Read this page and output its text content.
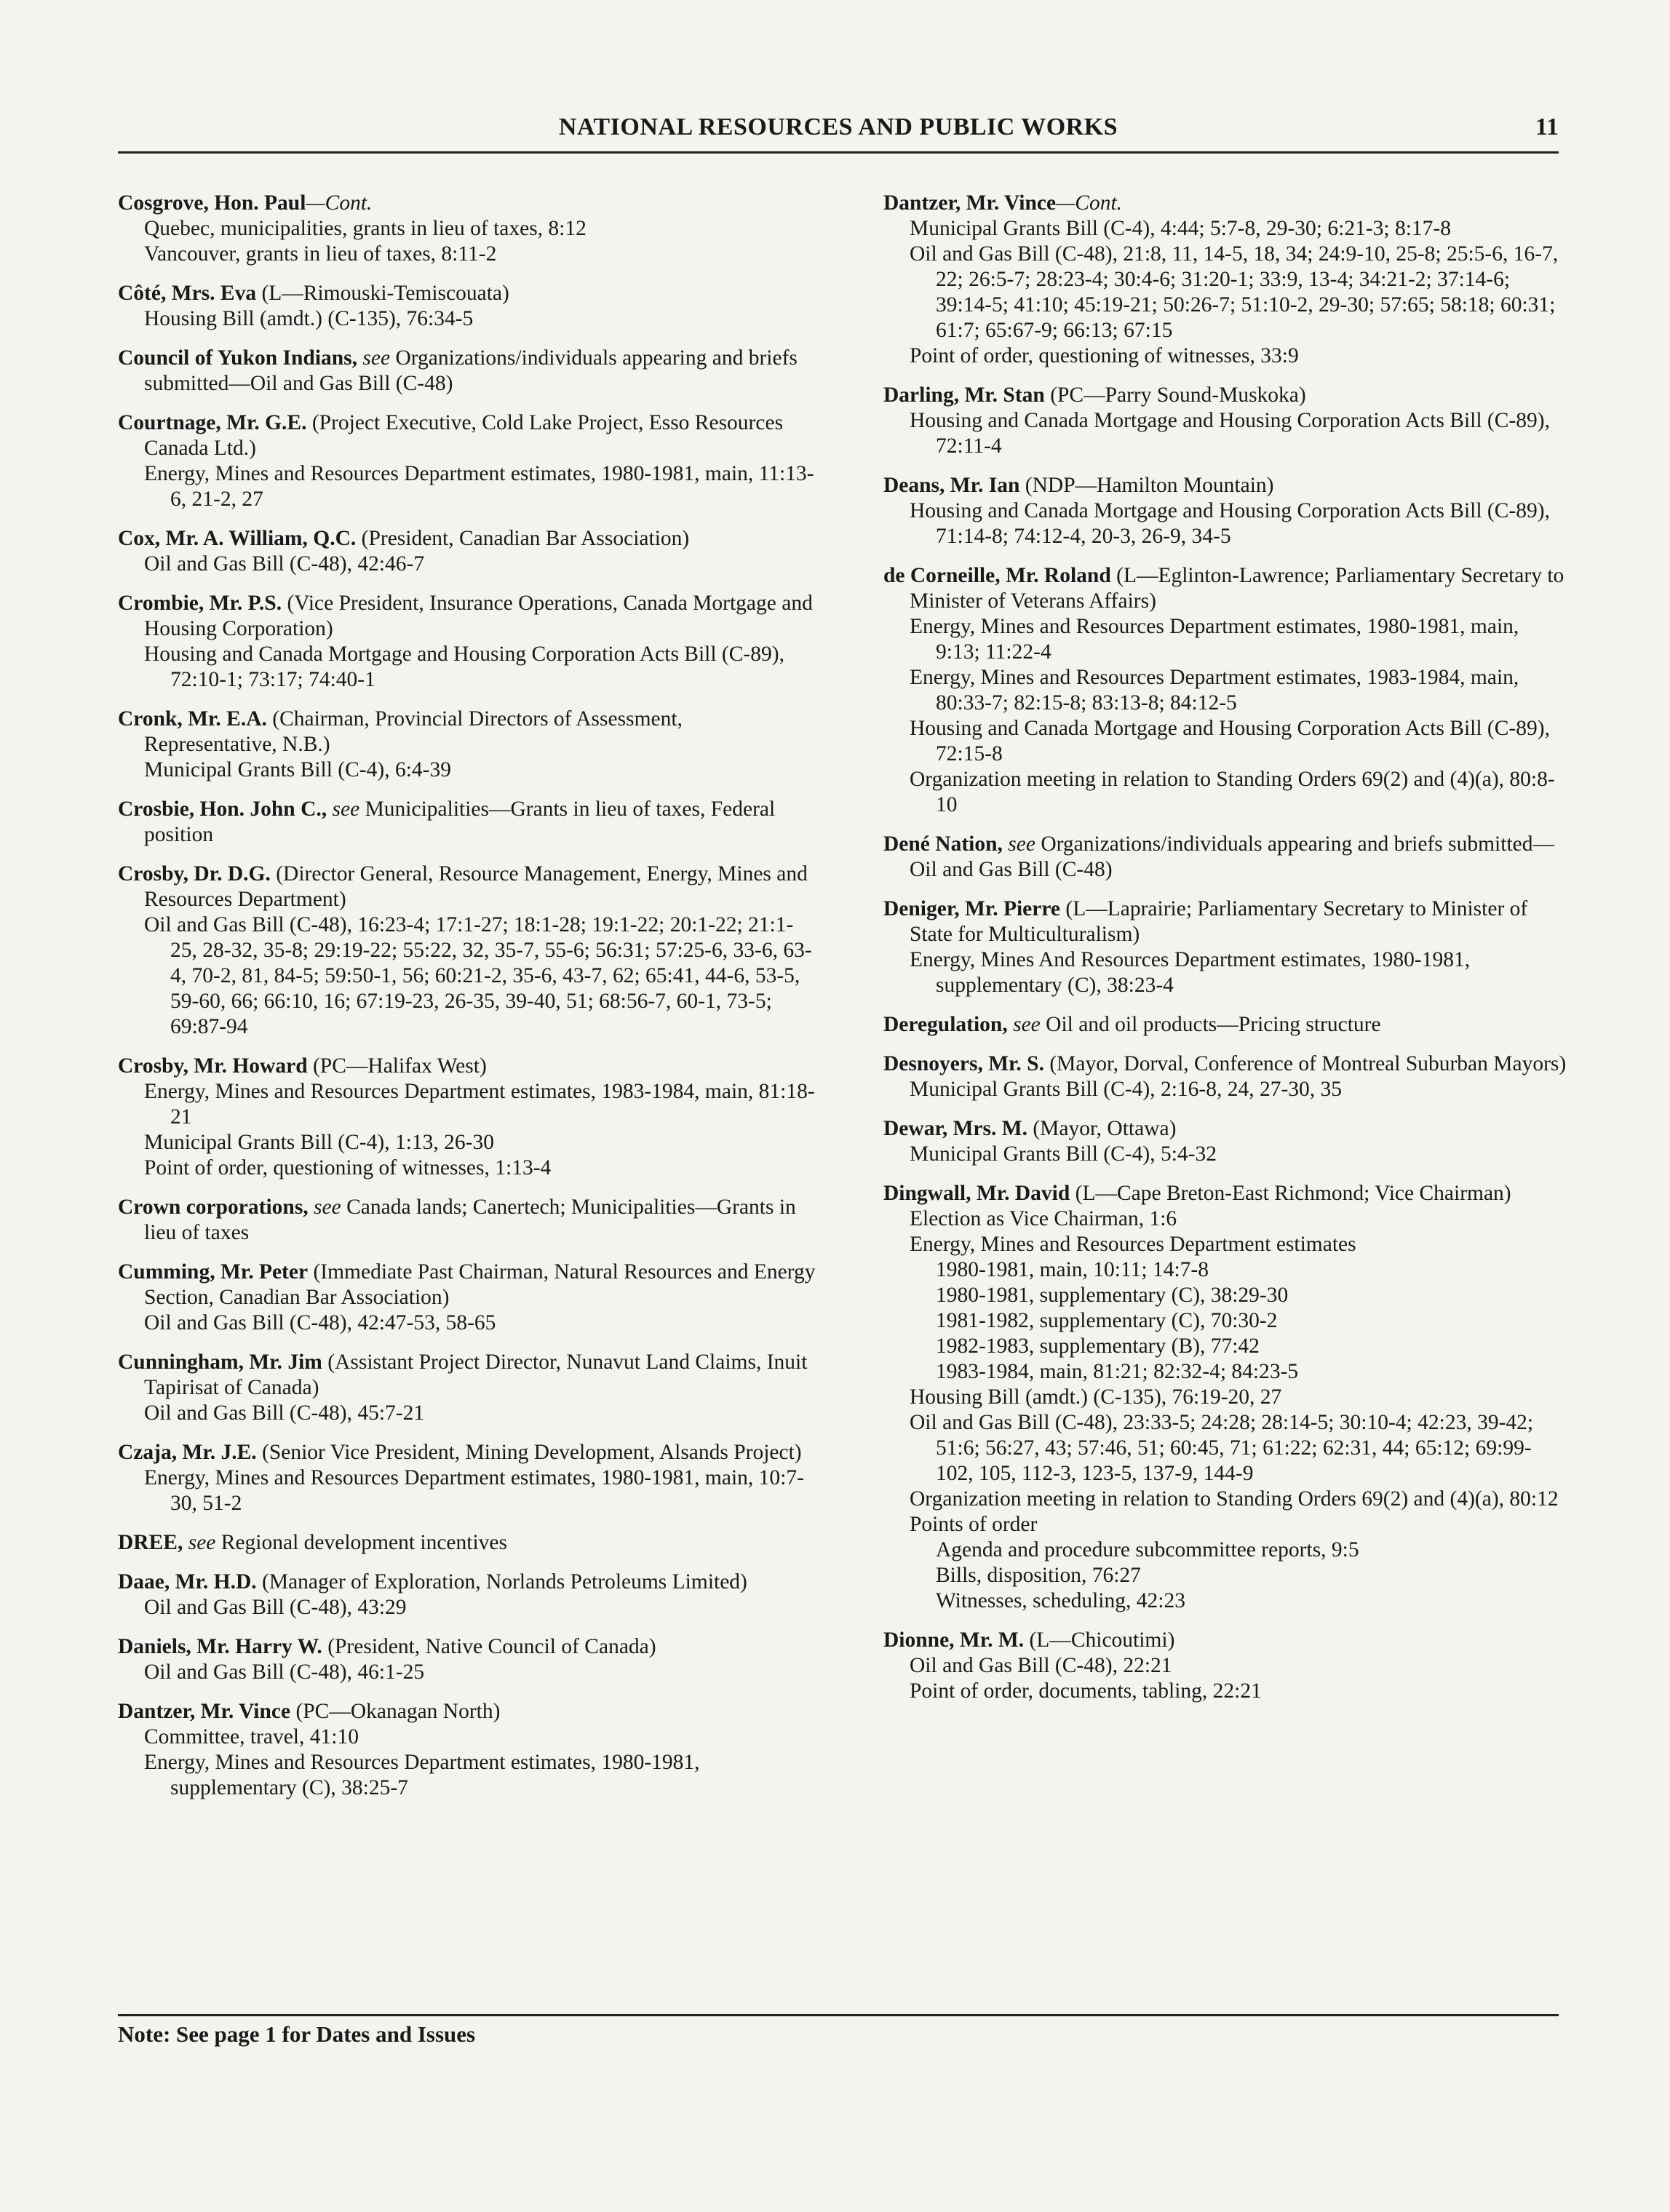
NATIONAL RESOURCES AND PUBLIC WORKS	11
Cosgrove, Hon. Paul—Cont.
Quebec, municipalities, grants in lieu of taxes, 8:12
Vancouver, grants in lieu of taxes, 8:11-2
Côté, Mrs. Eva (L—Rimouski-Temiscouata)
Housing Bill (amdt.) (C-135), 76:34-5
Council of Yukon Indians, see Organizations/individuals appearing and briefs submitted—Oil and Gas Bill (C-48)
Courtnage, Mr. G.E. (Project Executive, Cold Lake Project, Esso Resources Canada Ltd.)
Energy, Mines and Resources Department estimates, 1980-1981, main, 11:13-6, 21-2, 27
Cox, Mr. A. William, Q.C. (President, Canadian Bar Association)
Oil and Gas Bill (C-48), 42:46-7
Crombie, Mr. P.S. (Vice President, Insurance Operations, Canada Mortgage and Housing Corporation)
Housing and Canada Mortgage and Housing Corporation Acts Bill (C-89), 72:10-1; 73:17; 74:40-1
Cronk, Mr. E.A. (Chairman, Provincial Directors of Assessment, Representative, N.B.)
Municipal Grants Bill (C-4), 6:4-39
Crosbie, Hon. John C., see Municipalities—Grants in lieu of taxes, Federal position
Crosby, Dr. D.G. (Director General, Resource Management, Energy, Mines and Resources Department)
Oil and Gas Bill (C-48), 16:23-4; 17:1-27; 18:1-28; 19:1-22; 20:1-22; 21:1-25, 28-32, 35-8; 29:19-22; 55:22, 32, 35-7, 55-6; 56:31; 57:25-6, 33-6, 63-4, 70-2, 81, 84-5; 59:50-1, 56; 60:21-2, 35-6, 43-7, 62; 65:41, 44-6, 53-5, 59-60, 66; 66:10, 16; 67:19-23, 26-35, 39-40, 51; 68:56-7, 60-1, 73-5; 69:87-94
Crosby, Mr. Howard (PC—Halifax West)
Energy, Mines and Resources Department estimates, 1983-1984, main, 81:18-21
Municipal Grants Bill (C-4), 1:13, 26-30
Point of order, questioning of witnesses, 1:13-4
Crown corporations, see Canada lands; Canertech; Municipalities—Grants in lieu of taxes
Cumming, Mr. Peter (Immediate Past Chairman, Natural Resources and Energy Section, Canadian Bar Association)
Oil and Gas Bill (C-48), 42:47-53, 58-65
Cunningham, Mr. Jim (Assistant Project Director, Nunavut Land Claims, Inuit Tapirisat of Canada)
Oil and Gas Bill (C-48), 45:7-21
Czaja, Mr. J.E. (Senior Vice President, Mining Development, Alsands Project)
Energy, Mines and Resources Department estimates, 1980-1981, main, 10:7-30, 51-2
DREE, see Regional development incentives
Daae, Mr. H.D. (Manager of Exploration, Norlands Petroleums Limited)
Oil and Gas Bill (C-48), 43:29
Daniels, Mr. Harry W. (President, Native Council of Canada)
Oil and Gas Bill (C-48), 46:1-25
Dantzer, Mr. Vince (PC—Okanagan North)
Committee, travel, 41:10
Energy, Mines and Resources Department estimates, 1980-1981, supplementary (C), 38:25-7
Dantzer, Mr. Vince—Cont.
Municipal Grants Bill (C-4), 4:44; 5:7-8, 29-30; 6:21-3; 8:17-8
Oil and Gas Bill (C-48), 21:8, 11, 14-5, 18, 34; 24:9-10, 25-8; 25:5-6, 16-7, 22; 26:5-7; 28:23-4; 30:4-6; 31:20-1; 33:9, 13-4; 34:21-2; 37:14-6; 39:14-5; 41:10; 45:19-21; 50:26-7; 51:10-2, 29-30; 57:65; 58:18; 60:31; 61:7; 65:67-9; 66:13; 67:15
Point of order, questioning of witnesses, 33:9
Darling, Mr. Stan (PC—Parry Sound-Muskoka)
Housing and Canada Mortgage and Housing Corporation Acts Bill (C-89), 72:11-4
Deans, Mr. Ian (NDP—Hamilton Mountain)
Housing and Canada Mortgage and Housing Corporation Acts Bill (C-89), 71:14-8; 74:12-4, 20-3, 26-9, 34-5
de Corneille, Mr. Roland (L—Eglinton-Lawrence; Parliamentary Secretary to Minister of Veterans Affairs)
Energy, Mines and Resources Department estimates, 1980-1981, main, 9:13; 11:22-4
Energy, Mines and Resources Department estimates, 1983-1984, main, 80:33-7; 82:15-8; 83:13-8; 84:12-5
Housing and Canada Mortgage and Housing Corporation Acts Bill (C-89), 72:15-8
Organization meeting in relation to Standing Orders 69(2) and (4)(a), 80:8-10
Dené Nation, see Organizations/individuals appearing and briefs submitted—Oil and Gas Bill (C-48)
Deniger, Mr. Pierre (L—Laprairie; Parliamentary Secretary to Minister of State for Multiculturalism)
Energy, Mines And Resources Department estimates, 1980-1981, supplementary (C), 38:23-4
Deregulation, see Oil and oil products—Pricing structure
Desnoyers, Mr. S. (Mayor, Dorval, Conference of Montreal Suburban Mayors)
Municipal Grants Bill (C-4), 2:16-8, 24, 27-30, 35
Dewar, Mrs. M. (Mayor, Ottawa)
Municipal Grants Bill (C-4), 5:4-32
Dingwall, Mr. David (L—Cape Breton-East Richmond; Vice Chairman)
Election as Vice Chairman, 1:6
Energy, Mines and Resources Department estimates
1980-1981, main, 10:11; 14:7-8
1980-1981, supplementary (C), 38:29-30
1981-1982, supplementary (C), 70:30-2
1982-1983, supplementary (B), 77:42
1983-1984, main, 81:21; 82:32-4; 84:23-5
Housing Bill (amdt.) (C-135), 76:19-20, 27
Oil and Gas Bill (C-48), 23:33-5; 24:28; 28:14-5; 30:10-4; 42:23, 39-42; 51:6; 56:27, 43; 57:46, 51; 60:45, 71; 61:22; 62:31, 44; 65:12; 69:99-102, 105, 112-3, 123-5, 137-9, 144-9
Organization meeting in relation to Standing Orders 69(2) and (4)(a), 80:12
Points of order
Agenda and procedure subcommittee reports, 9:5
Bills, disposition, 76:27
Witnesses, scheduling, 42:23
Dionne, Mr. M. (L—Chicoutimi)
Oil and Gas Bill (C-48), 22:21
Point of order, documents, tabling, 22:21
Note: See page 1 for Dates and Issues
